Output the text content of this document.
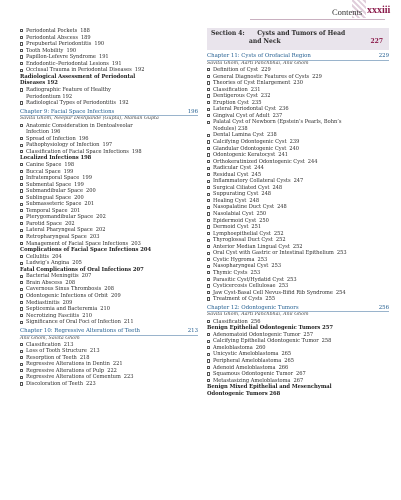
Contents xxxiii
Periodontal Pockets 188
Periodontal Abscess 189
Prepubertal Periodontitis 190
Tooth Mobility 190
Papillon-Lefevre Syndrome 191
Endodontic–Periodontal Lesions 191
Occlusal Trauma in Periodontal Diseases 192
Radiological Assessment of Periodontal
Diseases 192
Radiographic Feature of Healthy
Periodontium 192
Radiological Types of Periodontitis 192
Chapter 9: Facial Space Infections	196
Savita Ghom, Neepur Deshpande (Gupta), Maman Gupta
Anatomic Consideration in Dentoalveolar
Infection 196
Spread of Infection 196
Pathophysiology of Infection 197
Classification of Facial Space Infections 198
Localized Infections 198
Canine Space 198
Buccal Space 199
Infratemporal Space 199
Submental Space 199
Submandibular Space 200
Sublingual Space 200
Submasseteric Space 201
Temporal Space 201
Pterygomandibular Space 202
Parotid Space 202
Lateral Pharyngeal Space 202
Retropharyngeal Space 203
Management of Facial Space Infections 203
Complications of Facial Space Infections 204
Cellulitis 204
Ludwig’s Angina 205
Fatal Complications of Oral Infections 207
Bacterial Meningitis 207
Brain Abscess 208
Cavernous Sinus Thrombosis 208
Odontogenic Infections of Orbit 209
Mediastinitis 209
Septicemia and Bacteremia 210
Necrotizing Fasciitis 210
Significance of Oral Foci of Infection 211
Chapter 10: Regressive Alterations of Teeth	213
Anil Ghom, Savita Ghom
Classification 213
Loss of Tooth Structure 213
Resorption of Teeth 218
Regressive Alterations in Dentin 221
Regressive Alterations of Pulp 222
Regressive Alterations of Cementum 223
Discoloration of Teeth 223
Section 4: Cysts and Tumors of Head
and Neck	227
Chapter 11: Cysts of Orofacial Region	229
Savita Ghom, Aarti Panchbhai, Anil Ghom
Definition of Cyst 229
General Diagnostic Features of Cysts 229
Theories of Cyst Enlargement 230
Classification 231
Dentigerous Cyst 232
Eruption Cyst 235
Lateral Periodontal Cyst 236
Gingival Cyst of Adult 237
Palatal Cyst of Newborn (Epstein’s Pearls, Bohn’s
Nodules) 238
Dental Lamina Cyst 238
Calcifying Odontogenic Cyst 239
Glandular Odontogenic Cyst 240
Odontogenic Keratocyst 241
Orthokeratinized Odontogenic Cyst 244
Radicular Cyst 244
Residual Cyst 245
Inflammatory Collateral Cysts 247
Surgical Ciliated Cyst 248
Suppurating Cyst 248
Healing Cyst 248
Nasopalatine Duct Cyst 248
Nasolabial Cyst 250
Epidermoid Cyst 250
Dermoid Cyst 251
Lymphoepithelial Cyst 252
Thyroglossal Duct Cyst 252
Anterior Median Lingual Cyst 252
Oral Cyst with Gastric or Intestinal Epithelium 253
Cystic Hygroma 253
Nasopharyngeal Cyst 253
Thymic Cysts 253
Parasitic Cyst/Hydatid Cyst 253
Cysticercosis Cellulosae 253
Jaw Cyst-Basal Cell Nevus-Bifid Rib Syndrome 254
Treatment of Cysts 255
Chapter 12: Odontogenic Tumors	256
Savita Ghom, Aarti Panchbhai, Anil Ghom
Classification 256
Benign Epithelial Odontogenic Tumors 257
Adenomatoid Odontogenic Tumor 257
Calcifying Epithelial Odontogenic Tumor 258
Ameloblastoma 260
Unicystic Ameloblastoma 265
Peripheral Ameloblastoma 265
Adenoid Ameloblastoma 266
Squamous Odontogenic Tumor 267
Metastasizing Ameloblastoma 267
Benign Mixed Epithelial and Mesenchymal
Odontogenic Tumors 268
